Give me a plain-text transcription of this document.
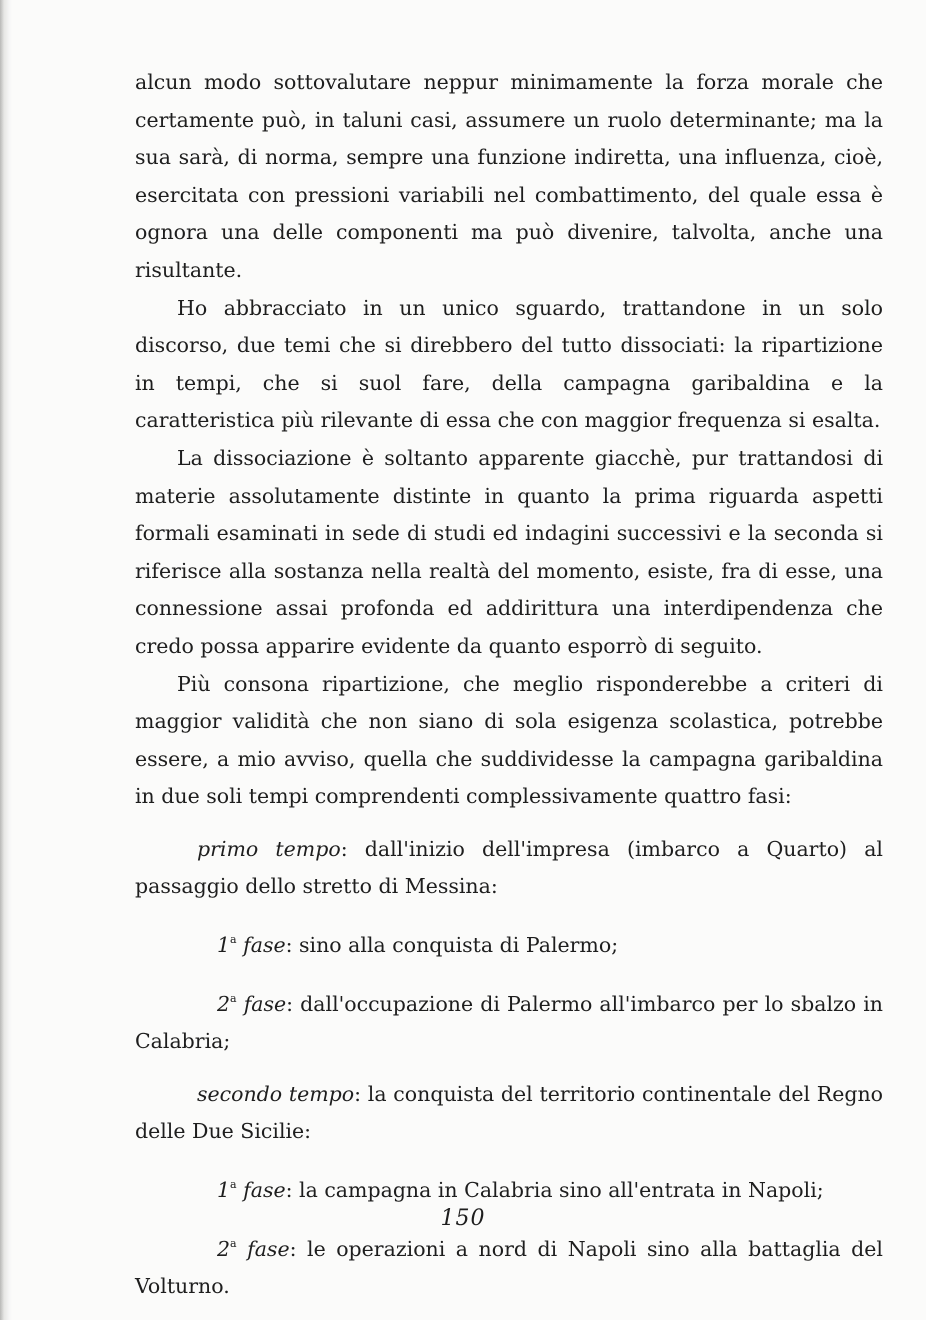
alcun modo sottovalutare neppur minimamente la forza morale che certamente può, in taluni casi, assumere un ruolo determinante; ma la sua sarà, di norma, sempre una funzione indiretta, una influenza, cioè, esercitata con pressioni variabili nel combattimento, del quale essa è ognora una delle componenti ma può divenire, talvolta, anche una risultante.

Ho abbracciato in un unico sguardo, trattandone in un solo discorso, due temi che si direbbero del tutto dissociati: la ripartizione in tempi, che si suol fare, della campagna garibaldina e la caratteristica più rilevante di essa che con maggior frequenza si esalta.

La dissociazione è soltanto apparente giacchè, pur trattandosi di materie assolutamente distinte in quanto la prima riguarda aspetti formali esaminati in sede di studi ed indagini successivi e la seconda si riferisce alla sostanza nella realtà del momento, esiste, fra di esse, una connessione assai profonda ed addirittura una interdipendenza che credo possa apparire evidente da quanto esporrò di seguito.

Più consona ripartizione, che meglio risponderebbe a criteri di maggior validità che non siano di sola esigenza scolastica, potrebbe essere, a mio avviso, quella che suddividesse la campagna garibaldina in due soli tempi comprendenti complessivamente quattro fasi:

primo tempo: dall'inizio dell'impresa (imbarco a Quarto) al passaggio dello stretto di Messina:

1$^a$ fase: sino alla conquista di Palermo;

2$^a$ fase: dall'occupazione di Palermo all'imbarco per lo sbalzo in Calabria;

secondo tempo: la conquista del territorio continentale del Regno delle Due Sicilie:

1$^a$ fase: la campagna in Calabria sino all'entrata in Napoli;

2$^a$ fase: le operazioni a nord di Napoli sino alla battaglia del Volturno.

150
